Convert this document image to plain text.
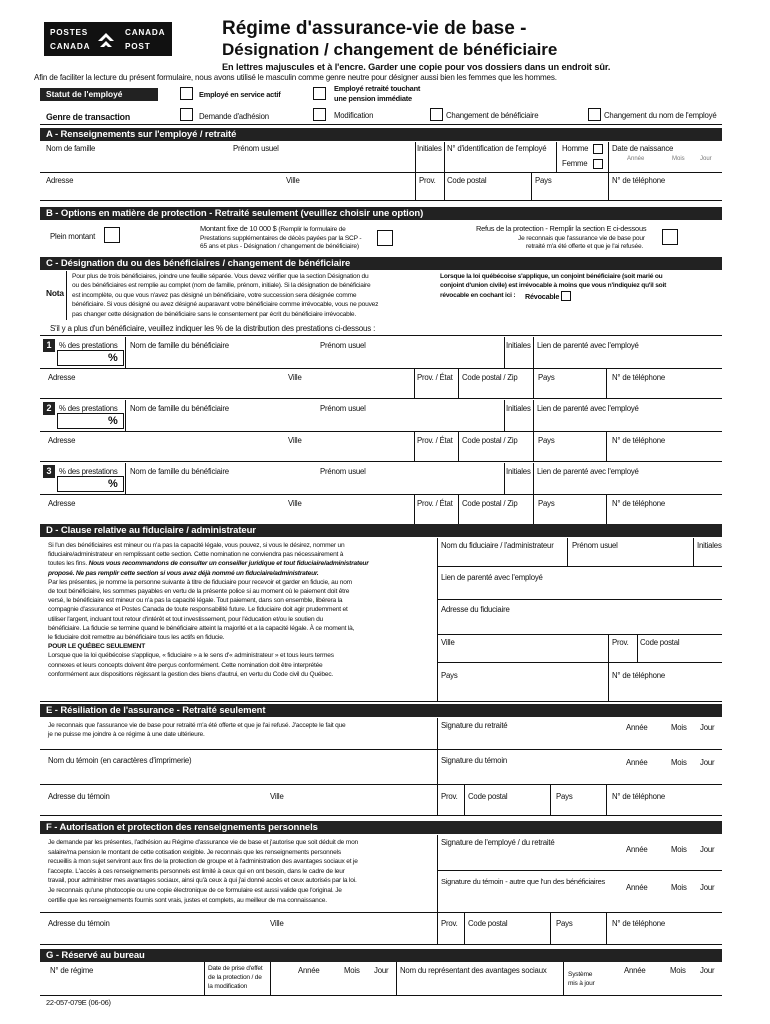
POSTES	CANADA
CANADA	POST
Régime d'assurance-vie de base -
Désignation / changement de bénéficiaire
En lettres majuscules et à l'encre. Garder une copie pour vos dossiers dans un endroit sûr.
Afin de faciliter la lecture du présent formulaire, nous avons utilisé le masculin comme genre neutre pour désigner aussi bien les femmes que les hommes.
Statut de l'employé	Employé en service actif
Employé retraité touchant
une pension immédiate
Genre de transaction	Demande d'adhésion	Modification	Changement de bénéficiaire	Changement du nom de l'employé
A - Renseignements sur l'employé / retraité
Nom de famille	Prénom usuel	Initiales N° d'identification de l'employé Homme
Femme
Date de naissance
Année	Mois	Jour
Adresse	Ville	Prov. Code postal	Pays	N° de téléphone
B - Options en matière de protection - Retraité seulement (veuillez choisir une option)
Plein montant
Montant fixe de 10 000 $ (Remplir le formulaire de
Prestations supplémentaires de décès payées par la SCP -
65 ans et plus - Désignation / changement de bénéficiaire)
Refus de la protection - Remplir la section E ci-dessous
Je reconnais que l'assurance vie de base pour
retraité m'a été offerte et que je l'ai refusée.
C - Désignation du ou des bénéficiaires / changement de bénéficiaire
Nota
Pour plus de trois bénéficiaires, joindre une feuille séparée. Vous devez vérifier que la section Désignation du
ou des bénéficiaires est remplie au complet (nom de famille, prénom, initiale). Si la désignation de bénéficiaire
est incomplète, ou que vous n'avez pas désigné un bénéficiaire, votre succession sera désignée comme
bénéficiaire. Si vous désigné ou avez désigné auparavant votre bénéficiaire comme irrévocable, vous ne pouvez
pas changer cette désignation de bénéficiaire sans le consentement par écrit du bénéficiaire irrévocable.
Lorsque la loi québécoise s'applique, un conjoint bénéficiaire (soit marié ou
conjoint d'union civile) est irrévocable à moins que vous n'indiquiez qu'il soit
révocable en cochant ici :	Révocable
S'il y a plus d'un bénéficiaire, veuillez indiquer les % de la distribution des prestations ci-dessous :
1 % des prestations
%
Nom de famille du bénéficiaire	Prénom usuel	Initiales Lien de parenté avec l'employé
Adresse	Ville	Prov. / État Code postal / Zip	Pays	N° de téléphone
2 % des prestations
%
Nom de famille du bénéficiaire	Prénom usuel	Initiales Lien de parenté avec l'employé
Adresse	Ville	Prov. / État Code postal / Zip	Pays	N° de téléphone
3 % des prestations
%
Nom de famille du bénéficiaire	Prénom usuel	Initiales Lien de parenté avec l'employé
Adresse	Ville	Prov. / État Code postal / Zip	Pays	N° de téléphone
D - Clause relative au fiduciaire / administrateur
Si l'un des bénéficiaires est mineur ou n'a pas la capacité légale, vous pouvez, si vous le désirez, nommer un
fiduciaire/administrateur en remplissant cette section. Cette nomination ne conviendra pas nécessairement à
toutes les fins. Nous vous recommandons de consulter un conseiller juridique et tout fiduciaire/administrateur
proposé. Ne pas remplir cette section si vous avez déjà nommé un fiduciaire/administrateur.
Par les présentes, je nomme la personne suivante à titre de fiduciaire pour recevoir et garder en fiducie, au nom
de tout bénéficiaire, les sommes payables en vertu de la présente police si au moment où le paiement doit être
versé, le bénéficiaire est mineur ou n'a pas la capacité légale. Tout paiement, dans son ensemble, libérera la
compagnie d'assurance et Postes Canada de toute responsabilité future. Le fiduciaire doit agir prudemment et
utiliser l'argent, incluant tout retour d'intérêt et tout investissement, pour l'éducation et/ou le soutien du
bénéficiaire. La fiducie se termine quand le bénéficiaire atteint la majorité et a la capacité légale. À ce moment là,
le fiduciaire doit remettre au bénéficiaire tous les actifs en fiducie.
POUR LE QUÉBEC SEULEMENT
Lorsque que la loi québécoise s'applique, « fiduciaire » a le sens d'« administrateur » et tous leurs termes
connexes et leurs concepts doivent être perçus conformément. Cette nomination doit être interprétée
conformément aux dispositions régissant la gestion des biens d'autrui, en vertu du Code civil du Québec.
Nom du fiduciaire / l'administrateur Prénom usuel	Initiales
Lien de parenté avec l'employé
Adresse du fiduciaire
Ville	Prov. Code postal
Pays	N° de téléphone
E - Résiliation de l'assurance - Retraité seulement
Je reconnais que l'assurance vie de base pour retraité m'a été offerte et que je l'ai refusé. J'accepte le fait que
je ne puisse me joindre à ce régime à une date ultérieure.
Signature du retraité	Année	Mois Jour
Nom du témoin (en caractères d'imprimerie)	Signature du témoin	Année	Mois Jour
Adresse du témoin	Ville	Prov. Code postal	Pays	N° de téléphone
F - Autorisation et protection des renseignements personnels
Je demande par les présentes, l'adhésion au Régime d'assurance vie de base et j'autorise que soit déduit de mon
salaire/ma pension le montant de cette cotisation exigible. Je reconnais que les renseignements personnels
recueillis à mon sujet serviront aux fins de la protection de groupe et à l'administration des avantages sociaux et je
l'accepte. L'accès à ces renseignements personnels est limité à ceux qui en ont besoin, dans le cadre de leur
travail, pour administrer mes avantages sociaux, ainsi qu'à ceux à qui j'ai donné accès et ceux autorisés par la loi.
Je reconnais qu'une photocopie ou une copie électronique de ce formulaire est aussi valide que l'original. Je
certifie que les renseignements fournis sont vrais, justes et complets, au meilleur de ma connaissance.
Signature de l'employé / du retraité
Année	Mois Jour
Signature du témoin - autre que l'un des bénéficiaires
Année	Mois Jour
Adresse du témoin	Ville	Prov. Code postal	Pays	N° de téléphone
G - Réservé au bureau
N° de régime	Date de prise d'effet
de la protection / de
la modification
Année	Mois Jour Nom du représentant des avantages sociaux	Système
mis à jour
Année	Mois Jour
22-057-079E (06-06)
